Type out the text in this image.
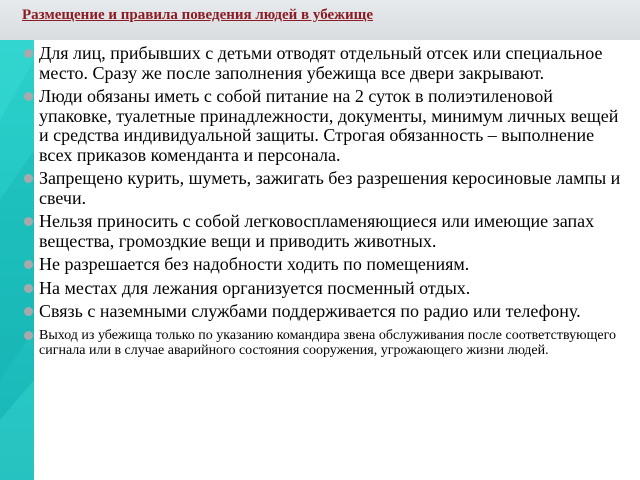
Размещение и правила поведения людей в убежище
Для лиц, прибывших с детьми отводят отдельный отсек или специальное место. Сразу же после заполнения убежища все двери закрывают.
Люди обязаны иметь с собой питание на 2 суток в полиэтиленовой упаковке, туалетные принадлежности, документы, минимум личных вещей и средства индивидуальной защиты. Строгая обязанность – выполнение всех приказов коменданта и персонала.
Запрещено курить, шуметь, зажигать без разрешения керосиновые лампы и свечи.
Нельзя приносить с собой легковоспламеняющиеся или имеющие запах вещества, громоздкие вещи и приводить животных.
Не разрешается без надобности ходить по помещениям.
На местах для лежания организуется посменный отдых.
Связь с наземными службами поддерживается по радио или телефону.
Выход из убежища только по указанию командира звена обслуживания после соответствующего сигнала или в случае аварийного состояния сооружения, угрожающего жизни людей.
